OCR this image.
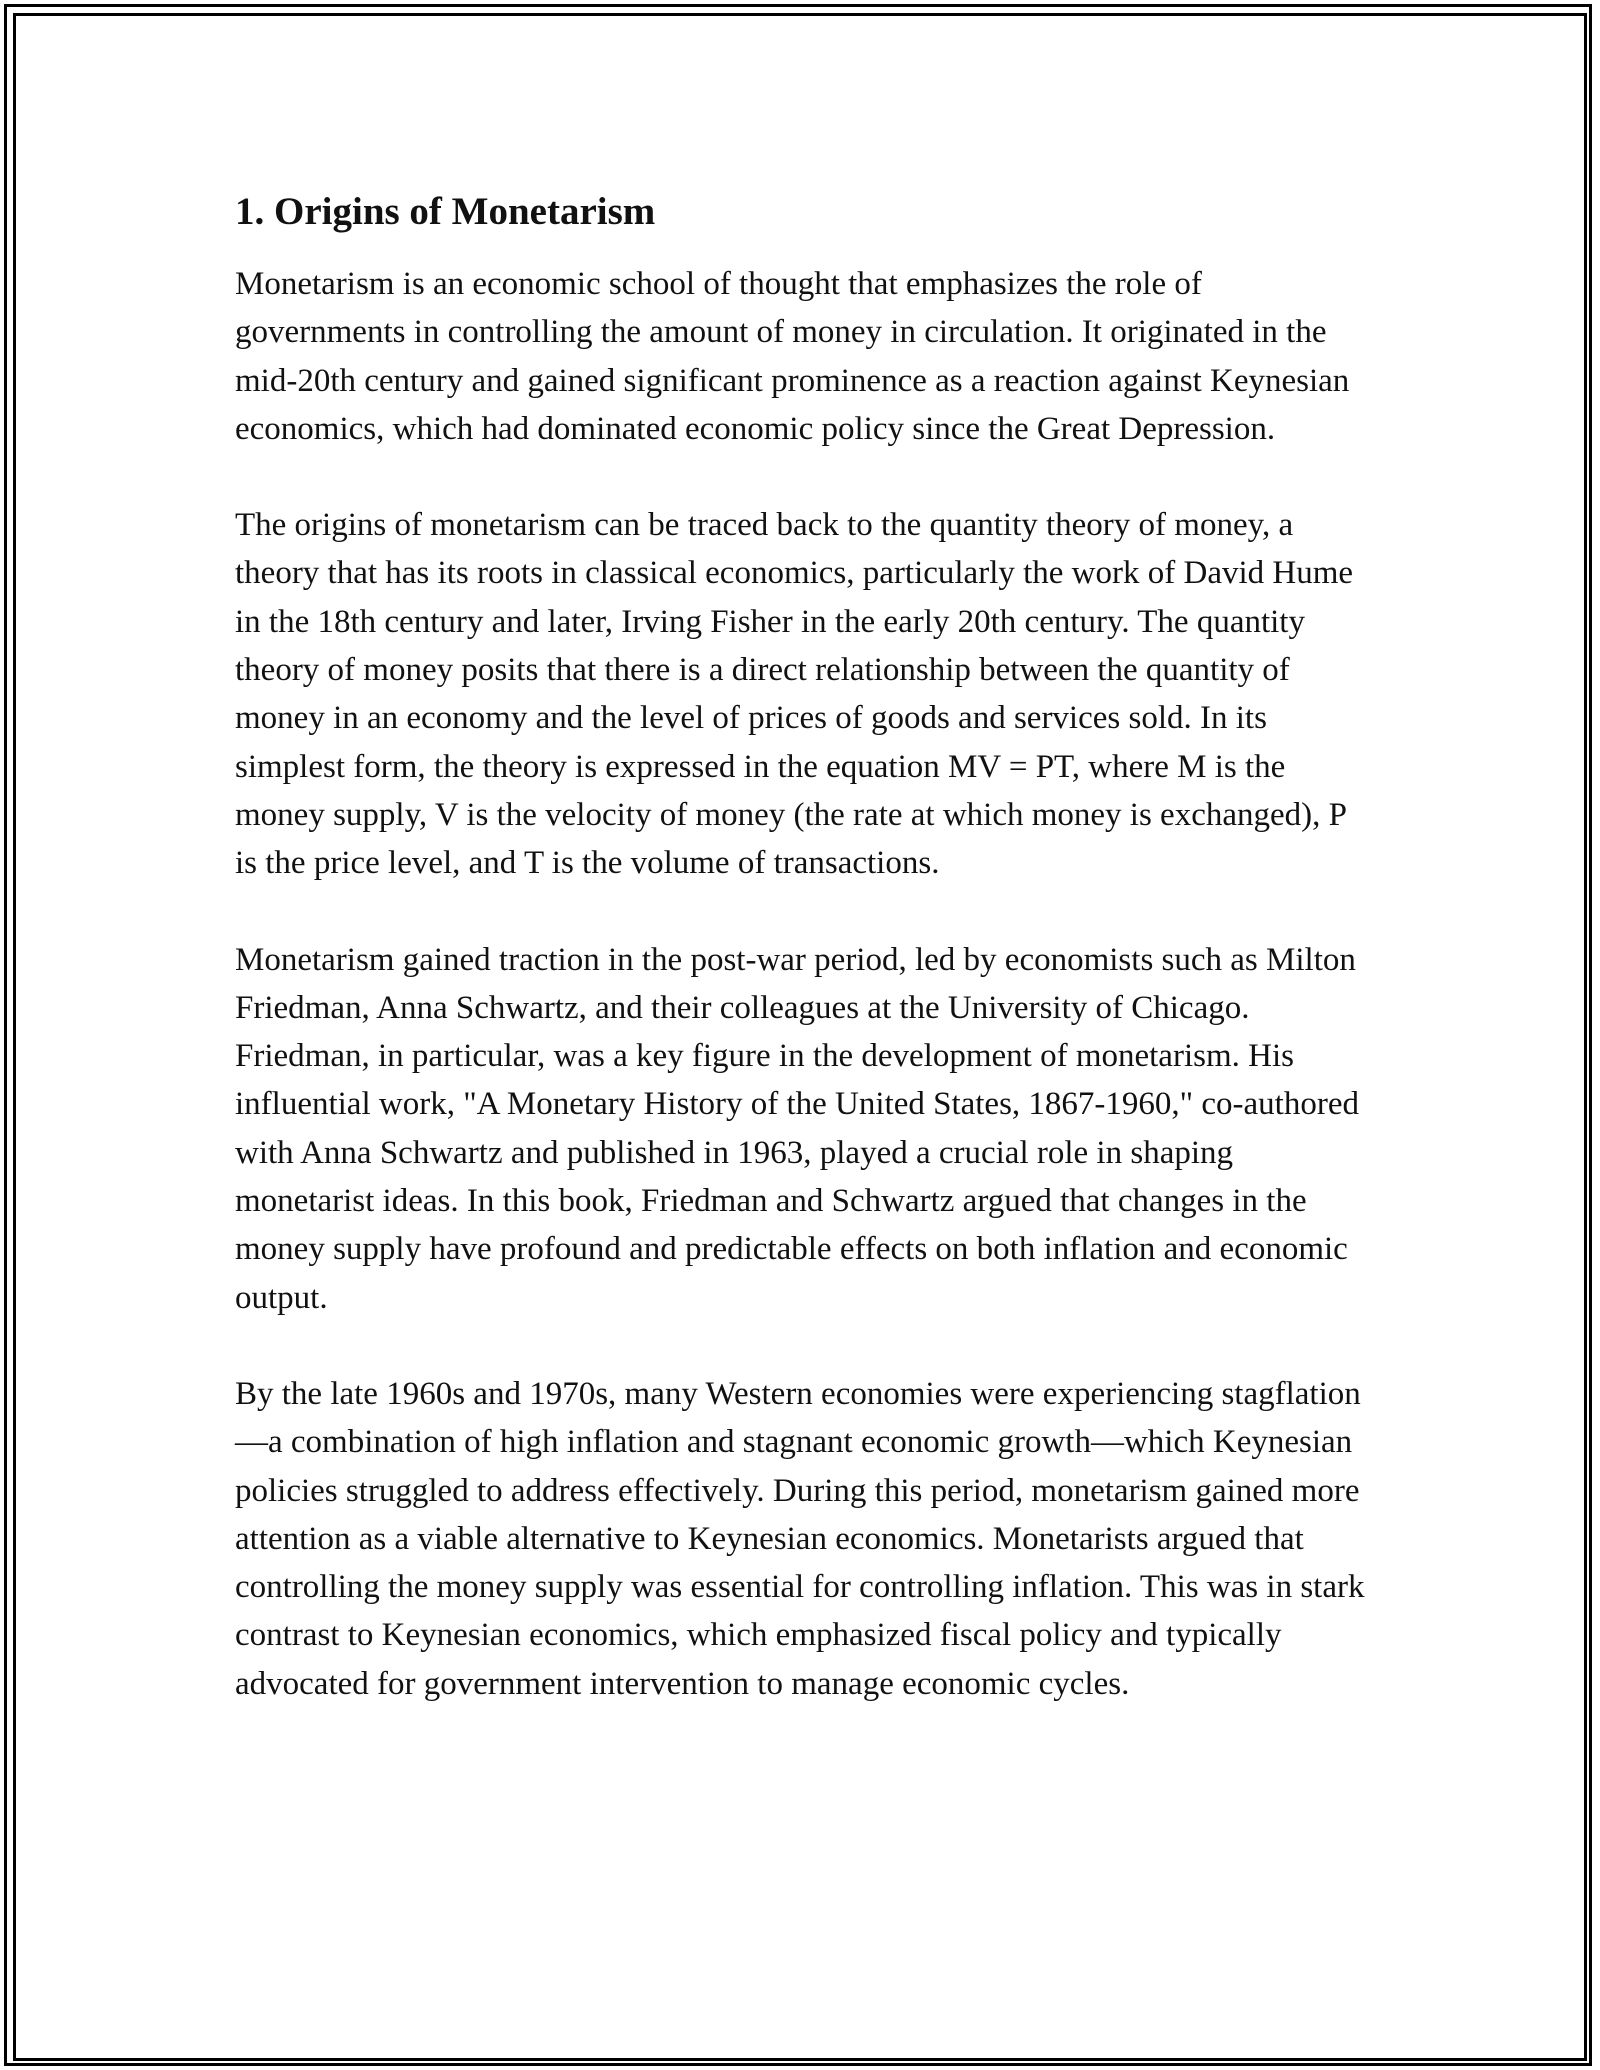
1. Origins of Monetarism

Monetarism is an economic school of thought that emphasizes the role of governments in controlling the amount of money in circulation. It originated in the mid-20th century and gained significant prominence as a reaction against Keynesian economics, which had dominated economic policy since the Great Depression.

The origins of monetarism can be traced back to the quantity theory of money, a theory that has its roots in classical economics, particularly the work of David Hume in the 18th century and later, Irving Fisher in the early 20th century. The quantity theory of money posits that there is a direct relationship between the quantity of money in an economy and the level of prices of goods and services sold. In its simplest form, the theory is expressed in the equation MV = PT, where M is the money supply, V is the velocity of money (the rate at which money is exchanged), P is the price level, and T is the volume of transactions.

Monetarism gained traction in the post-war period, led by economists such as Milton Friedman, Anna Schwartz, and their colleagues at the University of Chicago. Friedman, in particular, was a key figure in the development of monetarism. His influential work, "A Monetary History of the United States, 1867-1960," co-authored with Anna Schwartz and published in 1963, played a crucial role in shaping monetarist ideas. In this book, Friedman and Schwartz argued that changes in the money supply have profound and predictable effects on both inflation and economic output.

By the late 1960s and 1970s, many Western economies were experiencing stagflation—a combination of high inflation and stagnant economic growth—which Keynesian policies struggled to address effectively. During this period, monetarism gained more attention as a viable alternative to Keynesian economics. Monetarists argued that controlling the money supply was essential for controlling inflation. This was in stark contrast to Keynesian economics, which emphasized fiscal policy and typically advocated for government intervention to manage economic cycles.
